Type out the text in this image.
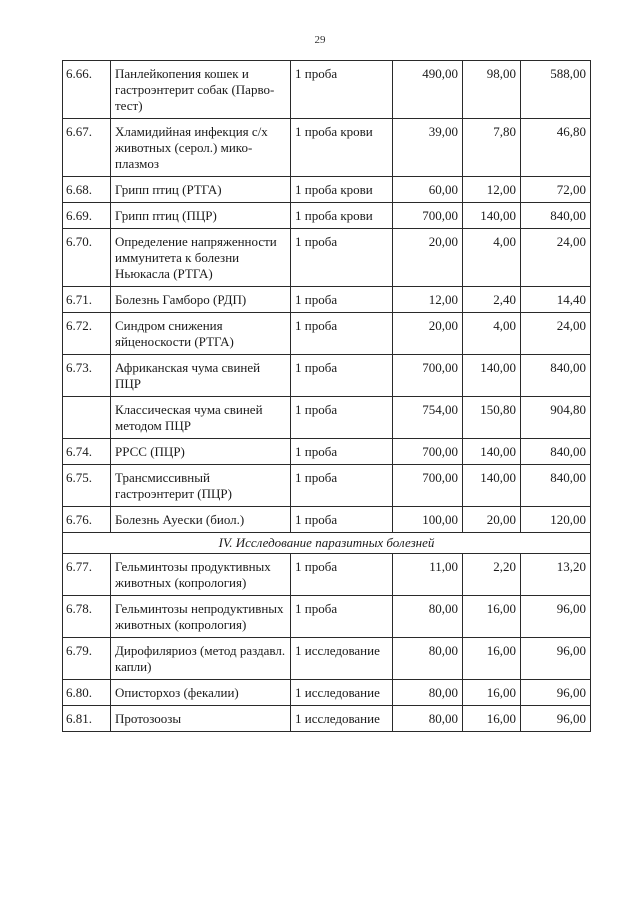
29
6.66.	Панлейкопения кошек и гастроэнтерит собак (Парво-тест)	1 проба	490,00	98,00	588,00
6.67.	Хламидийная инфекция с/х животных (серол.) мико-плазмоз	1 проба крови	39,00	7,80	46,80
6.68.	Грипп птиц (РТГА)	1 проба крови	60,00	12,00	72,00
6.69.	Грипп птиц (ПЦР)	1 проба крови	700,00	140,00	840,00
6.70.	Определение напряженности иммунитета к болезни Ньюкасла (РТГА)	1 проба	20,00	4,00	24,00
6.71.	Болезнь Гамборо (РДП)	1 проба	12,00	2,40	14,40
6.72.	Синдром снижения яйценоскости (РТГА)	1 проба	20,00	4,00	24,00
6.73.	Африканская чума свиней ПЦР	1 проба	700,00	140,00	840,00
	Классическая чума свиней методом ПЦР	1 проба	754,00	150,80	904,80
6.74.	РРСС (ПЦР)	1 проба	700,00	140,00	840,00
6.75.	Трансмиссивный гастроэнтерит (ПЦР)	1 проба	700,00	140,00	840,00
6.76.	Болезнь Ауески (биол.)	1 проба	100,00	20,00	120,00
IV. Исследование паразитных болезней					
6.77.	Гельминтозы продуктивных животных (копрология)	1 проба	11,00	2,20	13,20
6.78.	Гельминтозы непродуктивных животных (копрология)	1 проба	80,00	16,00	96,00
6.79.	Дирофиляриоз (метод раздавл. капли)	1 исследование	80,00	16,00	96,00
6.80.	Описторхоз (фекалии)	1 исследование	80,00	16,00	96,00
6.81.	Протозоозы	1 исследование	80,00	16,00	96,00
